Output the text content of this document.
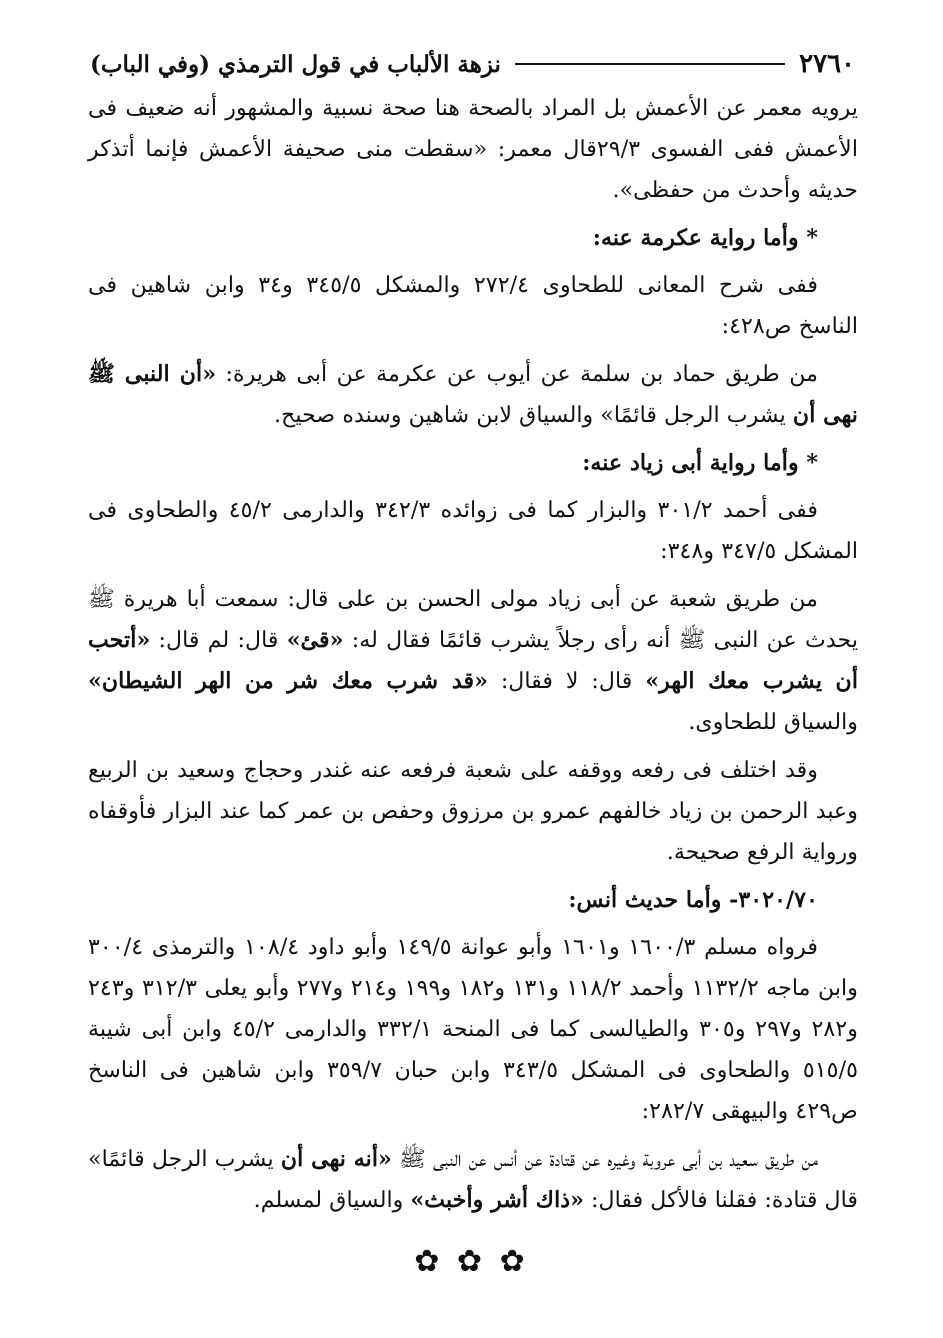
٢٧٦٠
نزهة الألباب في قول الترمذي (وفي الباب)

يرويه معمر عن الأعمش بل المراد بالصحة هنا صحة نسبية والمشهور أنه ضعيف فى الأعمش ففى الفسوى ٢٩/٣قال معمر: «سقطت منى صحيفة الأعمش فإنما أتذكر حديثه وأحدث من حفظى».

* وأما رواية عكرمة عنه:

ففى شرح المعانى للطحاوى ٢٧٢/٤ والمشكل ٣٤٥/٥ و٣٤ وابن شاهين فى الناسخ ص٤٢٨:

من طريق حماد بن سلمة عن أيوب عن عكرمة عن أبى هريرة: «أن النبى ﷺ نهى أن يشرب الرجل قائمًا» والسياق لابن شاهين وسنده صحيح.

* وأما رواية أبى زياد عنه:

ففى أحمد ٣٠١/٢ والبزار كما فى زوائده ٣٤٢/٣ والدارمى ٤٥/٢ والطحاوى فى المشكل ٣٤٧/٥ و٣٤٨:

من طريق شعبة عن أبى زياد مولى الحسن بن على قال: سمعت أبا هريرة ﷺ يحدث عن النبى ﷺ أنه رأى رجلاً يشرب قائمًا فقال له: «قئ» قال: لم قال: «أتحب أن يشرب معك الهر» قال: لا فقال: «قد شرب معك شر من الهر الشيطان» والسياق للطحاوى.

وقد اختلف فى رفعه ووقفه على شعبة فرفعه عنه غندر وحجاج وسعيد بن الربيع وعبد الرحمن بن زياد خالفهم عمرو بن مرزوق وحفص بن عمر كما عند البزار فأوقفاه ورواية الرفع صحيحة.

٣٠٢٠/٧٠- وأما حديث أنس:

فرواه مسلم ١٦٠٠/٣ و١٦٠١ وأبو عوانة ١٤٩/٥ وأبو داود ١٠٨/٤ والترمذى ٣٠٠/٤ وابن ماجه ١١٣٢/٢ وأحمد ١١٨/٢ و١٣١ و١٨٢ و١٩٩ و٢١٤ و٢٧٧ وأبو يعلى ٣١٢/٣ و٢٤٣ و٢٨٢ و٢٩٧ و٣٠٥ والطيالسى كما فى المنحة ٣٣٢/١ والدارمى ٤٥/٢ وابن أبى شيبة ٥١٥/٥ والطحاوى فى المشكل ٣٤٣/٥ وابن حبان ٣٥٩/٧ وابن شاهين فى الناسخ ص٤٢٩ والبيهقى ٢٨٢/٧:

من طريق سعيد بن أبى عروبة وغيره عن قتادة عن أنس عن النبى ﷺ «أنه نهى أن يشرب الرجل قائمًا» قال قتادة: فقلنا فالأكل فقال: «ذاك أشر وأخبث» والسياق لمسلم.

✿ ✿ ✿
